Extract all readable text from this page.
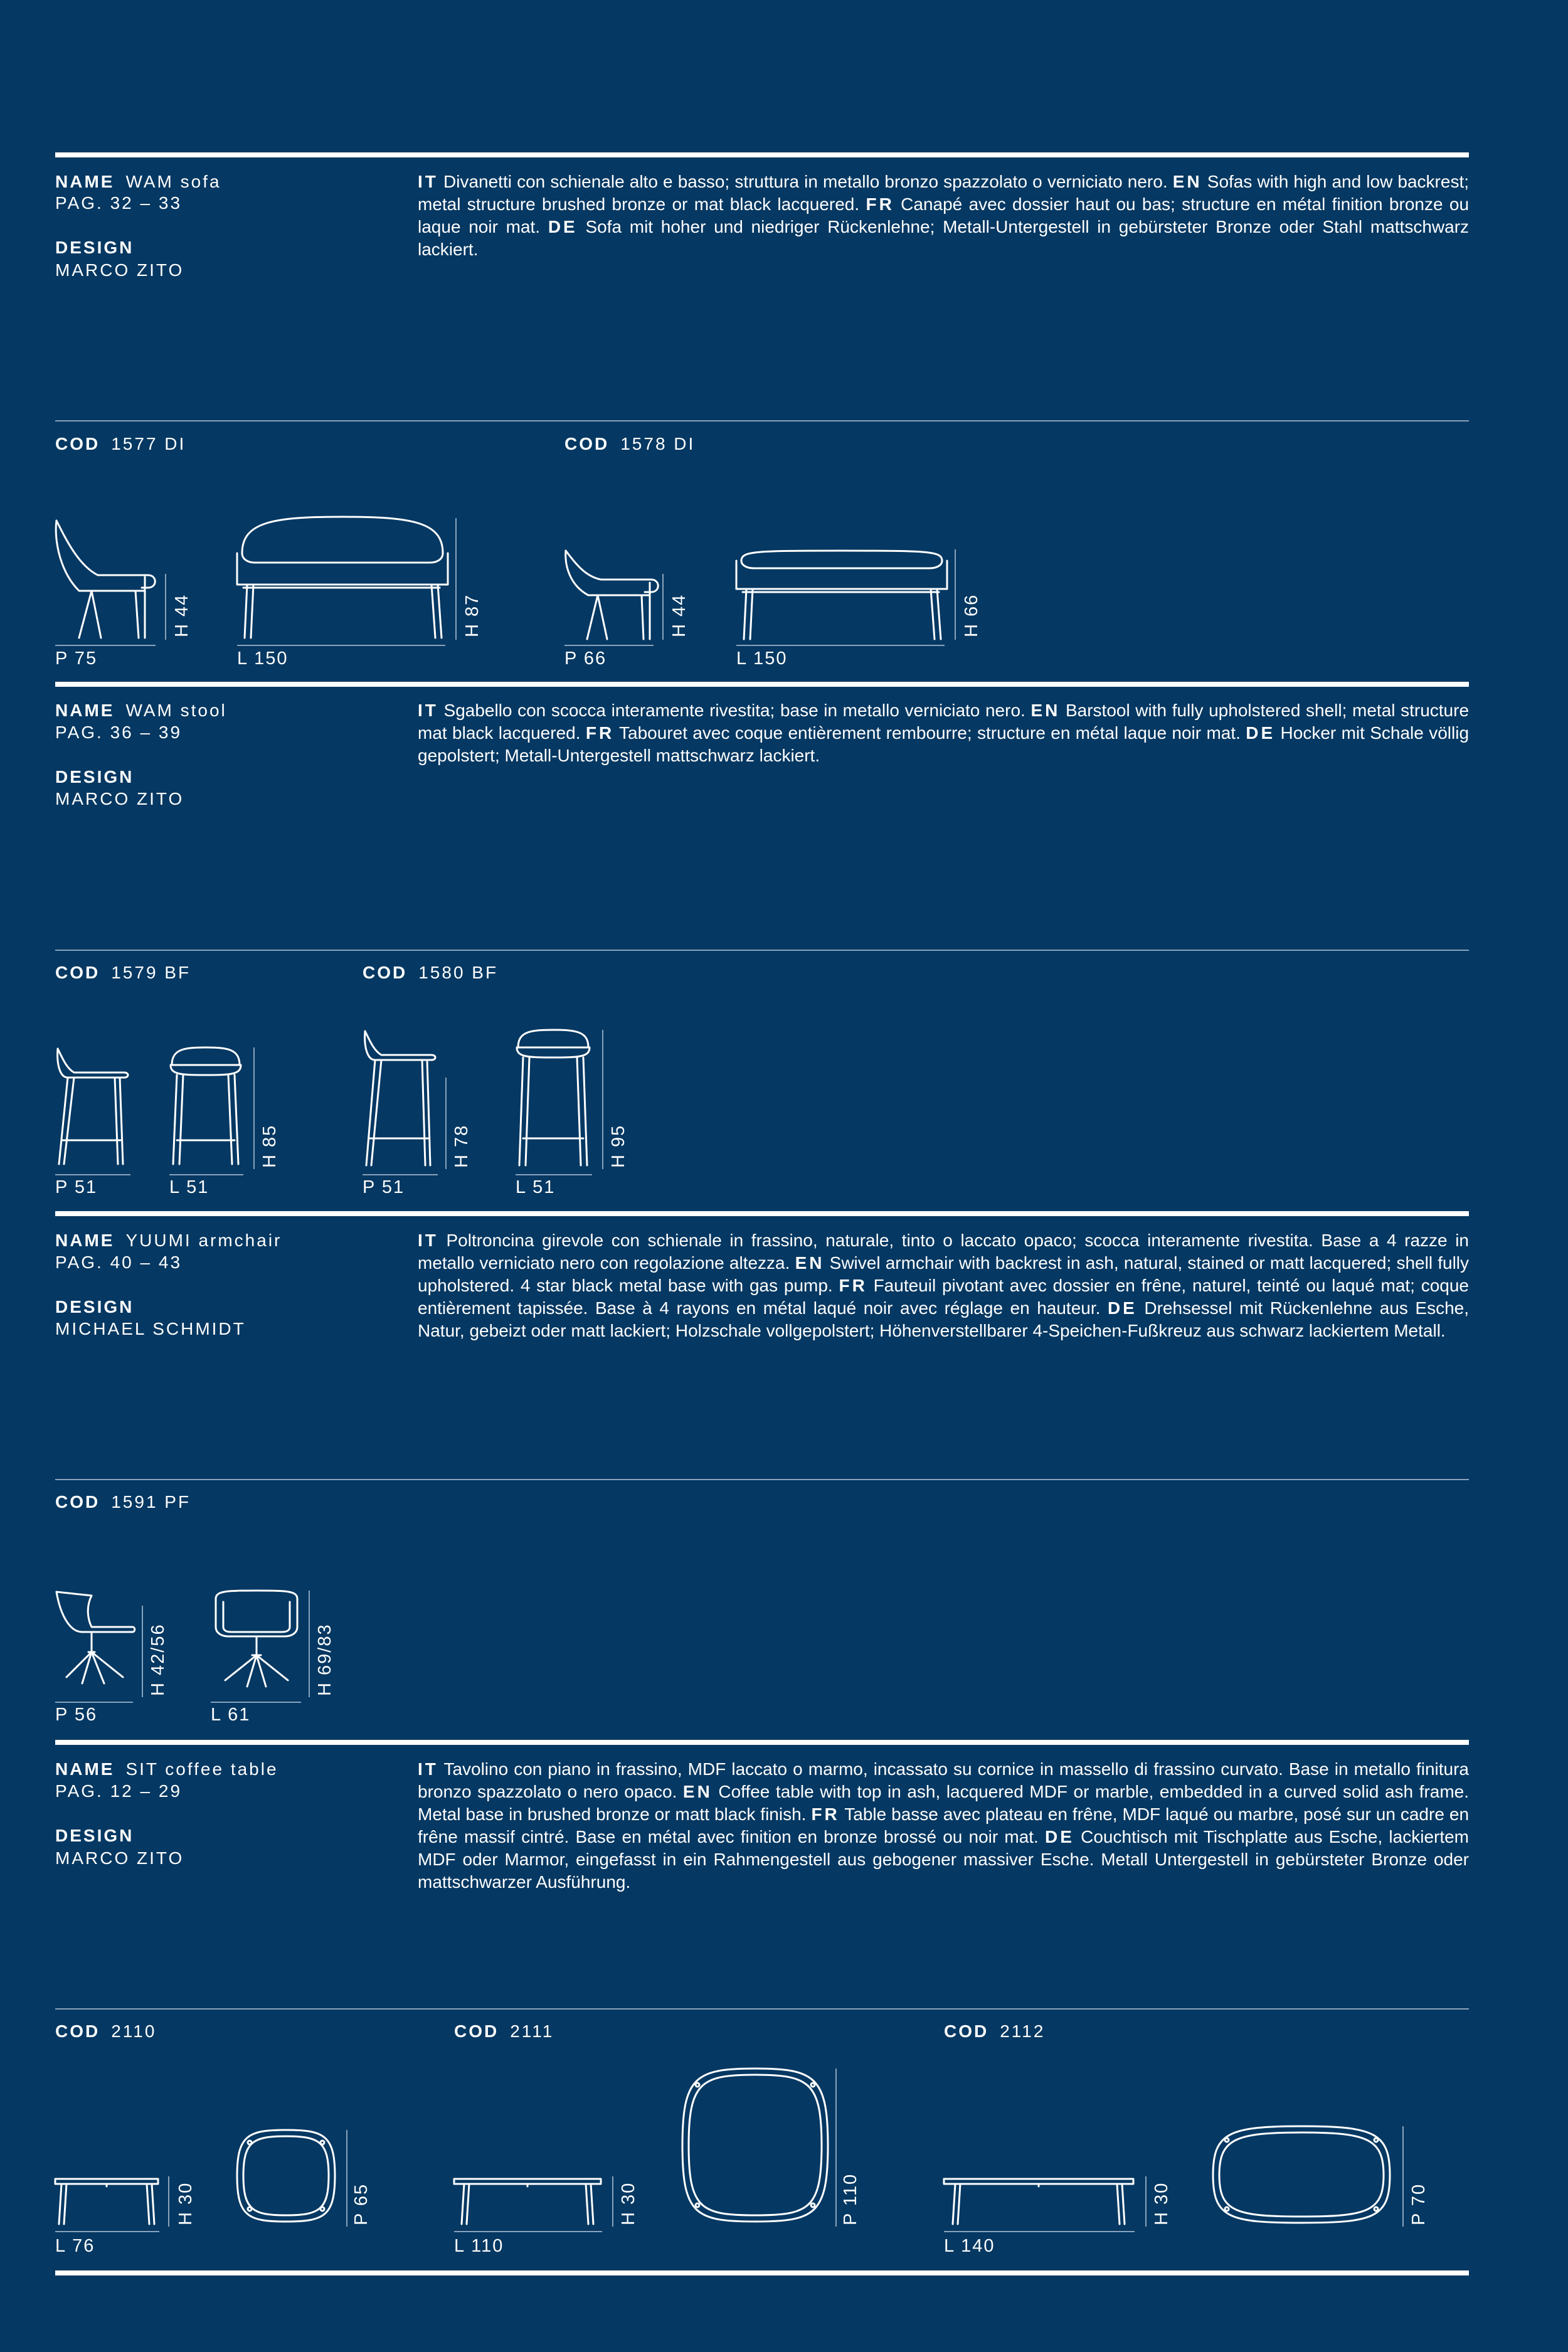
NAME WAM sofa
PAG. 32 – 33
DESIGN
MARCO ZITO
IT Divanetti con schienale alto e basso; struttura in metallo bronzo spazzolato o verniciato nero. EN Sofas with high and low backrest; metal structure brushed bronze or mat black lacquered. FR Canapé avec dossier haut ou bas; structure en métal finition bronze ou laque noir mat. DE Sofa mit hoher und niedriger Rückenlehne; Metall-Untergestell in gebürsteter Bronze oder Stahl mattschwarz lackiert.
COD 1577 DI	COD 1578 DI
P 75
H 44
L 150
H 87
P 66
H 44
L 150
H 66
NAME WAM stool
PAG. 36 – 39
DESIGN
MARCO ZITO
IT Sgabello con scocca interamente rivestita; base in metallo verniciato nero. EN Barstool with fully upholstered shell; metal structure mat black lacquered. FR Tabouret avec coque entièrement rembourre; structure en métal laque noir mat. DE Hocker mit Schale völlig gepolstert; Metall-Untergestell mattschwarz lackiert.
COD 1579 BF	COD 1580 BF
P 51	L 51
H 85
P 51
H 78
L 51
H 95
NAME YUUMI armchair
PAG. 40 – 43
DESIGN
MICHAEL SCHMIDT
IT Poltroncina girevole con schienale in frassino, naturale, tinto o laccato opaco; scocca interamente rivestita. Base a 4 razze in metallo verniciato nero con regolazione altezza. EN Swivel armchair with backrest in ash, natural, stained or matt lacquered; shell fully upholstered. 4 star black metal base with gas pump. FR Fauteuil pivotant avec dossier en frêne, naturel, teinté ou laqué mat; coque entièrement tapissée. Base à 4 rayons en métal laqué noir avec réglage en hauteur. DE Drehsessel mit Rückenlehne aus Esche, Natur, gebeizt oder matt lackiert; Holzschale vollgepolstert; Höhenverstellbarer 4-Speichen-Fußkreuz aus schwarz lackiertem Metall.
COD 1591 PF
P 56
H 42/56
L 61
H 69/83
NAME SIT coffee table
PAG. 12 – 29
DESIGN
MARCO ZITO
IT Tavolino con piano in frassino, MDF laccato o marmo, incassato su cornice in massello di frassino curvato. Base in metallo finitura bronzo spazzolato o nero opaco. EN Coffee table with top in ash, lacquered MDF or marble, embedded in a curved solid ash frame. Metal base in brushed bronze or matt black finish. FR Table basse avec plateau en frêne, MDF laqué ou marbre, posé sur un cadre en frêne massif cintré. Base en métal avec finition en bronze brossé ou noir mat. DE Couchtisch mit Tischplatte aus Esche, lackiertem MDF oder Marmor, eingefasst in ein Rahmengestell aus gebogener massiver Esche. Metall Untergestell in gebürsteter Bronze oder mattschwarzer Ausführung.
COD 2110	COD 2111	COD 2112
L 76
H 30	P 65
L 110
H 30	P 110
L 140
H 30	P 70
